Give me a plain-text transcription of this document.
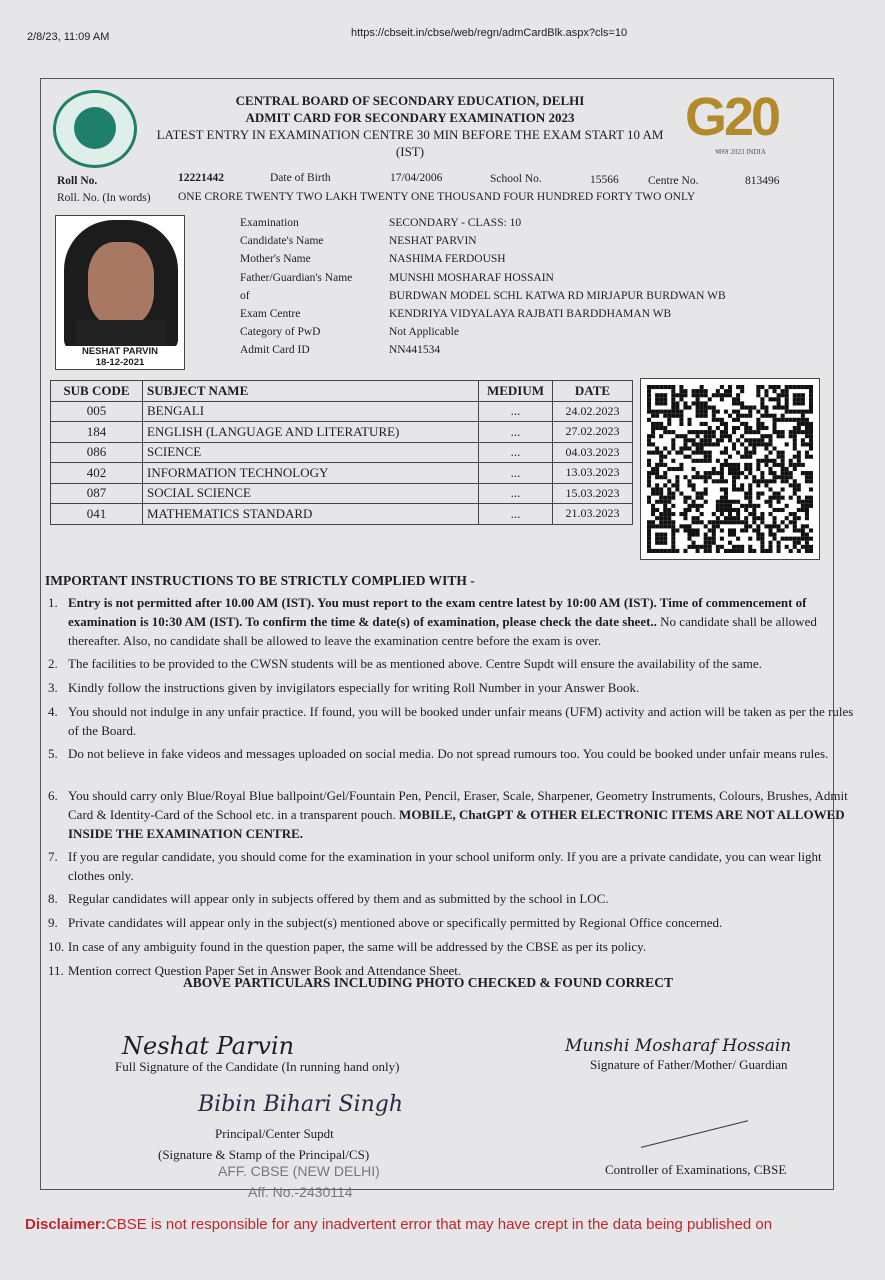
2/8/23, 11:09 AM	https://cbseit.in/cbse/web/regn/admCardBlk.aspx?cls=10
CENTRAL BOARD OF SECONDARY EDUCATION, DELHI
ADMIT CARD FOR SECONDARY EXAMINATION 2023
LATEST ENTRY IN EXAMINATION CENTRE 30 MIN BEFORE THE EXAM START 10 AM
(IST)
G20
भारत 2023 INDIA
Roll No.	12221442	Date of Birth	17/04/2006	School No.	15566	Centre No.	813496
Roll. No. (In words) ONE CRORE TWENTY TWO LAKH TWENTY ONE THOUSAND FOUR HUNDRED FORTY TWO ONLY
NESHAT PARVIN
18-12-2021
Examination	SECONDARY - CLASS: 10
Candidate's Name	NESHAT PARVIN
Mother's Name	NASHIMA FERDOUSH
Father/Guardian's Name	MUNSHI MOSHARAF HOSSAIN
of	BURDWAN MODEL SCHL KATWA RD MIRJAPUR BURDWAN WB
Exam Centre	KENDRIYA VIDYALAYA RAJBATI BARDDHAMAN WB
Category of PwD	Not Applicable
Admit Card ID	NN441534
SUB CODE	SUBJECT NAME	MEDIUM	DATE
005	BENGALI	...	24.02.2023
184	ENGLISH (LANGUAGE AND LITERATURE)	...	27.02.2023
086	SCIENCE	...	04.03.2023
402	INFORMATION TECHNOLOGY	...	13.03.2023
087	SOCIAL SCIENCE	...	15.03.2023
041	MATHEMATICS STANDARD	...	21.03.2023
IMPORTANT INSTRUCTIONS TO BE STRICTLY COMPLIED WITH -
1. Entry is not permitted after 10.00 AM (IST). You must report to the exam centre latest by 10:00 AM (IST). Time of commencement of examination is 10:30 AM (IST). To confirm the time & date(s) of examination, please check the date sheet.. No candidate shall be allowed thereafter. Also, no candidate shall be allowed to leave the examination centre before the exam is over.
2. The facilities to be provided to the CWSN students will be as mentioned above. Centre Supdt will ensure the availability of the same.
3. Kindly follow the instructions given by invigilators especially for writing Roll Number in your Answer Book.
4. You should not indulge in any unfair practice. If found, you will be booked under unfair means (UFM) activity and action will be taken as per the rules of the Board.
5. Do not believe in fake videos and messages uploaded on social media. Do not spread rumours too. You could be booked under unfair means rules.
6. You should carry only Blue/Royal Blue ballpoint/Gel/Fountain Pen, Pencil, Eraser, Scale, Sharpener, Geometry Instruments, Colours, Brushes, Admit Card & Identity-Card of the School etc. in a transparent pouch. MOBILE, ChatGPT & OTHER ELECTRONIC ITEMS ARE NOT ALLOWED INSIDE THE EXAMINATION CENTRE.
7. If you are regular candidate, you should come for the examination in your school uniform only. If you are a private candidate, you can wear light clothes only.
8. Regular candidates will appear only in subjects offered by them and as submitted by the school in LOC.
9. Private candidates will appear only in the subject(s) mentioned above or specifically permitted by Regional Office concerned.
10. In case of any ambiguity found in the question paper, the same will be addressed by the CBSE as per its policy.
11. Mention correct Question Paper Set in Answer Book and Attendance Sheet.
ABOVE PARTICULARS INCLUDING PHOTO CHECKED & FOUND CORRECT
Neshat Parvin
Full Signature of the Candidate (In running hand only)
Munshi Mosharaf Hossain
Signature of Father/Mother/ Guardian
Bibin Bihari Singh
Principal/Center Supdt
(Signature & Stamp of the Principal/CS)
AFF. CBSE (NEW DELHI)
Aff. No.-2430114
Controller of Examinations, CBSE
Disclaimer:CBSE is not responsible for any inadvertent error that may have crept in the data being published on
